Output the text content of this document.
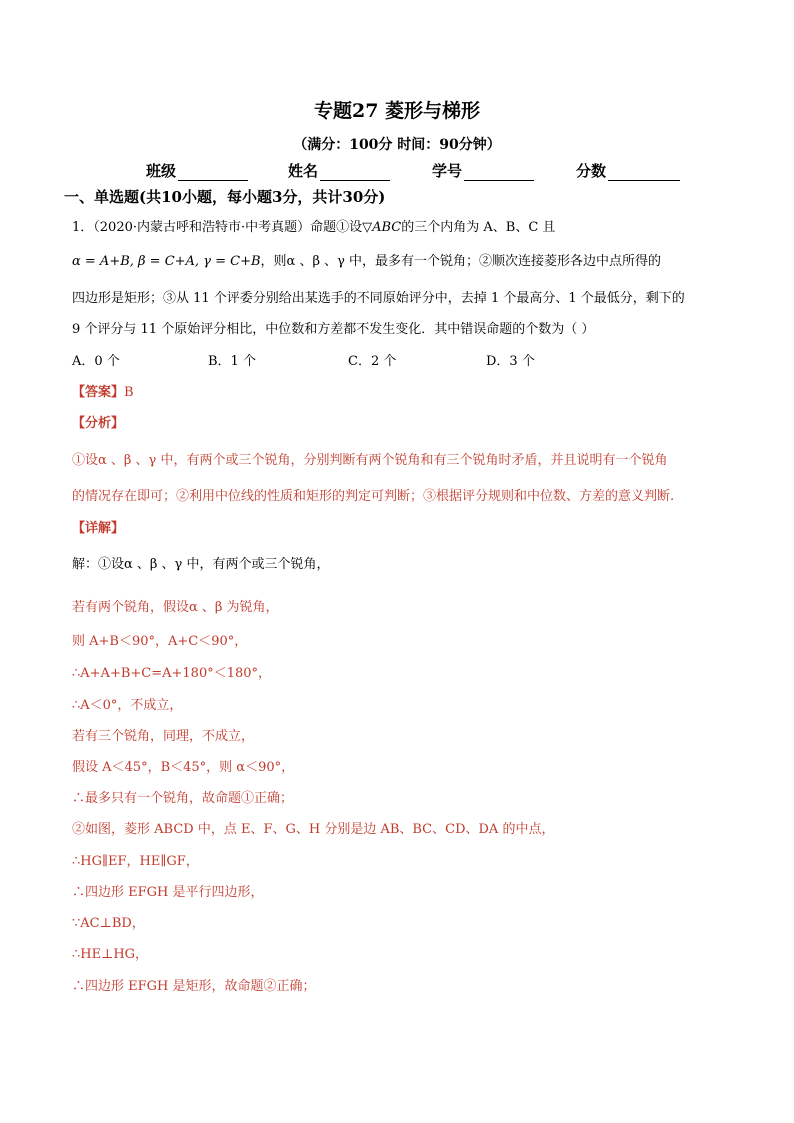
专题27 菱形与梯形
（满分：100分 时间：90分钟）
班级	姓名	学号	分数
一、单选题(共10小题，每小题3分，共计30分)
1．（2020·内蒙古呼和浩特市·中考真题）命题①设▽ABC的三个内角为 A、B、C 且
α = A+B, β = C+A, γ = C+B，则α 、β 、γ 中，最多有一个锐角；②顺次连接菱形各边中点所得的
四边形是矩形；③从 11 个评委分别给出某选手的不同原始评分中，去掉 1 个最高分、1 个最低分，剩下的
9 个评分与 11 个原始评分相比，中位数和方差都不发生变化．其中错误命题的个数为（ ）
A．0 个	B．1 个	C．2 个	D．3 个
【答案】B
【分析】
①设α 、β 、γ 中，有两个或三个锐角，分别判断有两个锐角和有三个锐角时矛盾，并且说明有一个锐角
的情况存在即可；②利用中位线的性质和矩形的判定可判断；③根据评分规则和中位数、方差的意义判断.
【详解】
解：①设α 、β 、γ 中，有两个或三个锐角，
若有两个锐角，假设α 、β 为锐角，
则 A+B＜90°，A+C＜90°，
∴A+A+B+C=A+180°＜180°，
∴A＜0°，不成立，
若有三个锐角，同理，不成立，
假设 A＜45°，B＜45°，则 α＜90°，
∴最多只有一个锐角，故命题①正确；
②如图，菱形 ABCD 中，点 E、F、G、H 分别是边 AB、BC、CD、DA 的中点，
∴HG∥EF，HE∥GF，
∴四边形 EFGH 是平行四边形，
∵AC⊥BD，
∴HE⊥HG，
∴四边形 EFGH 是矩形，故命题②正确；
